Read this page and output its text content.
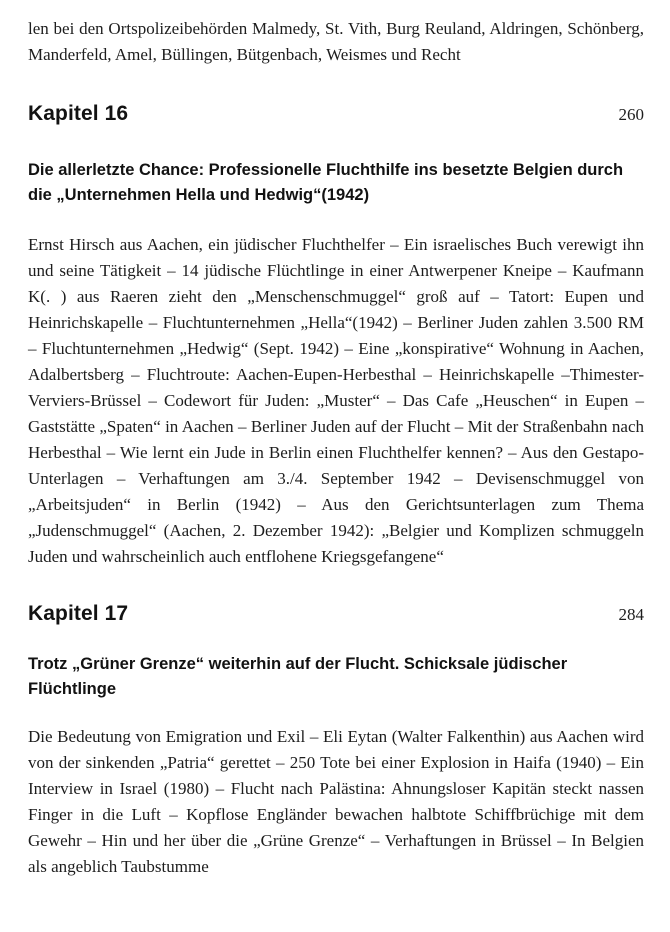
len bei den Ortspolizeibehörden Malmedy, St. Vith, Burg Reuland, Aldringen, Schönberg, Manderfeld, Amel, Büllingen, Bütgenbach, Weismes und Recht

Kapitel 16	260
Die allerletzte Chance: Professionelle Fluchthilfe ins besetzte Belgien durch die „Unternehmen Hella und Hedwig“(1942)

Ernst Hirsch aus Aachen, ein jüdischer Fluchthelfer – Ein israelisches Buch verewigt ihn und seine Tätigkeit – 14 jüdische Flüchtlinge in einer Antwerpener Kneipe – Kaufmann K(. ) aus Raeren zieht den „Menschenschmuggel“ groß auf – Tatort: Eupen und Heinrichskapelle – Fluchtunternehmen „Hella“(1942) – Berliner Juden zahlen 3.500 RM – Fluchtunternehmen „Hedwig“ (Sept. 1942) – Eine „konspirative“ Wohnung in Aachen, Adalbertsberg – Fluchtroute: Aachen-Eupen-Herbesthal – Heinrichskapelle –Thimester-Verviers-Brüssel – Codewort für Juden: „Muster“ – Das Cafe „Heuschen“ in Eupen – Gaststätte „Spaten“ in Aachen – Berliner Juden auf der Flucht – Mit der Straßenbahn nach Herbesthal – Wie lernt ein Jude in Berlin einen Fluchthelfer kennen? – Aus den Gestapo-Unterlagen – Verhaftungen am 3./4. September 1942 – Devisenschmuggel von „Arbeitsjuden“ in Berlin (1942) – Aus den Gerichtsunterlagen zum Thema „Judenschmuggel“ (Aachen, 2. Dezember 1942): „Belgier und Komplizen schmuggeln Juden und wahrscheinlich auch entflohene Kriegsgefangene“

Kapitel 17	284
Trotz „Grüner Grenze“ weiterhin auf der Flucht. Schicksale jüdischer Flüchtlinge

Die Bedeutung von Emigration und Exil – Eli Eytan (Walter Falkenthin) aus Aachen wird von der sinkenden „Patria“ gerettet – 250 Tote bei einer Explosion in Haifa (1940) – Ein Interview in Israel (1980) – Flucht nach Palästina: Ahnungsloser Kapitän steckt nassen Finger in die Luft – Kopflose Engländer bewachen halbtote Schiffbrüchige mit dem Gewehr – Hin und her über die „Grüne Grenze“ – Verhaftungen in Brüssel – In Belgien als angeblich Taubstumme
